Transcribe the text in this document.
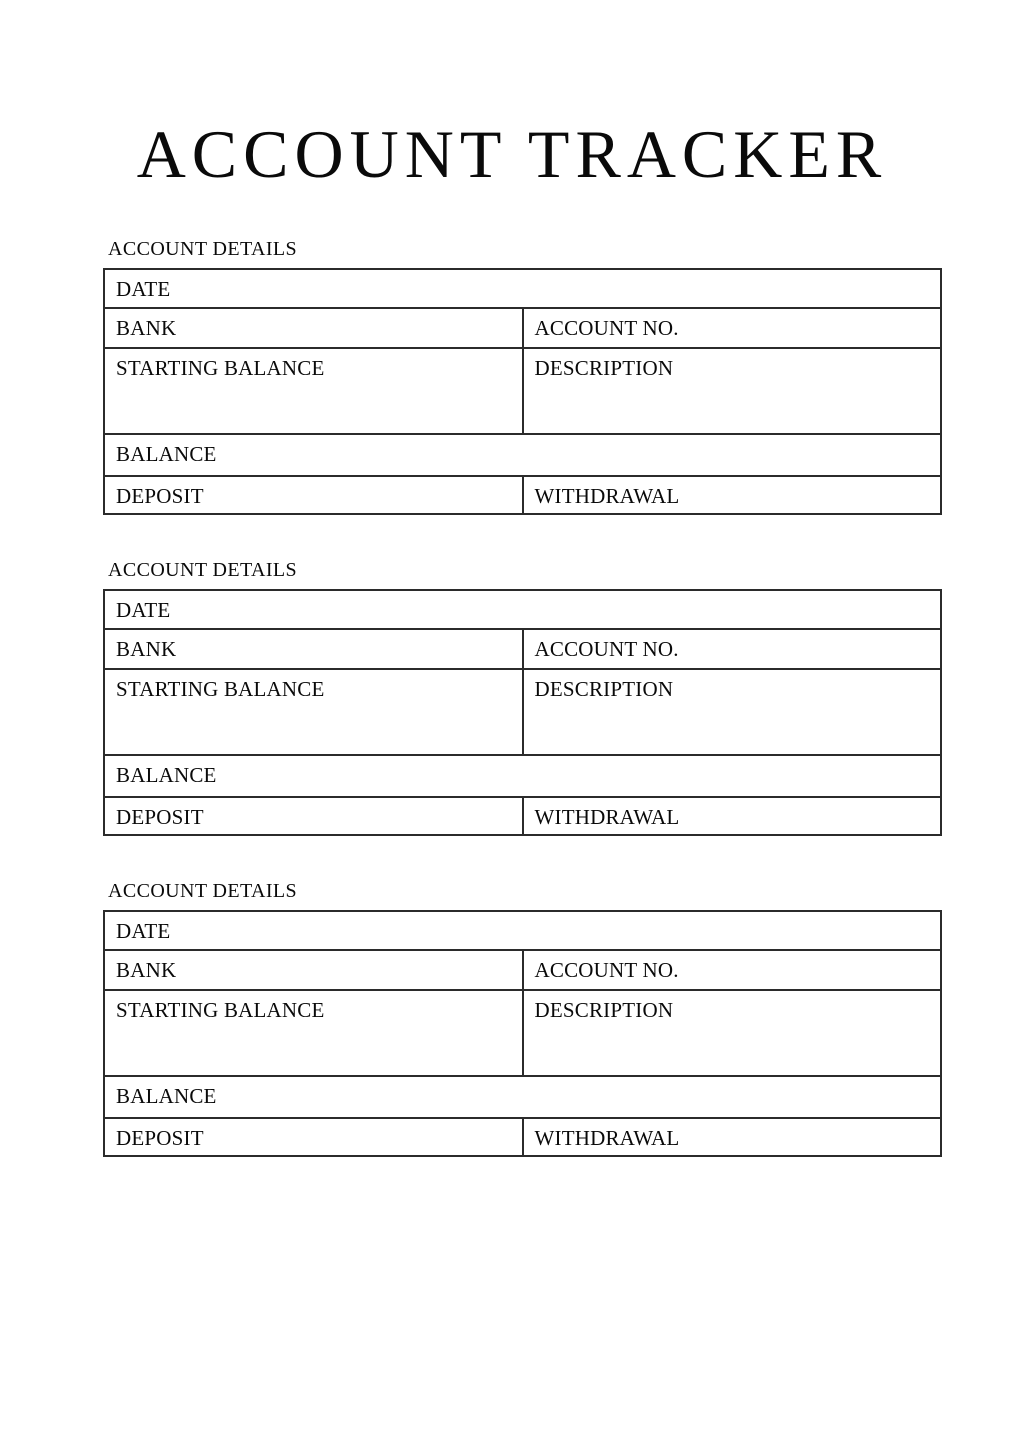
ACCOUNT TRACKER
ACCOUNT DETAILS
DATE	

BANK	ACCOUNT NO.

STARTING BALANCE	DESCRIPTION

BALANCE	

DEPOSIT	WITHDRAWAL
ACCOUNT DETAILS
DATE	

BANK	ACCOUNT NO.

STARTING BALANCE	DESCRIPTION

BALANCE	

DEPOSIT	WITHDRAWAL
ACCOUNT DETAILS
DATE	

BANK	ACCOUNT NO.

STARTING BALANCE	DESCRIPTION

BALANCE	

DEPOSIT	WITHDRAWAL
